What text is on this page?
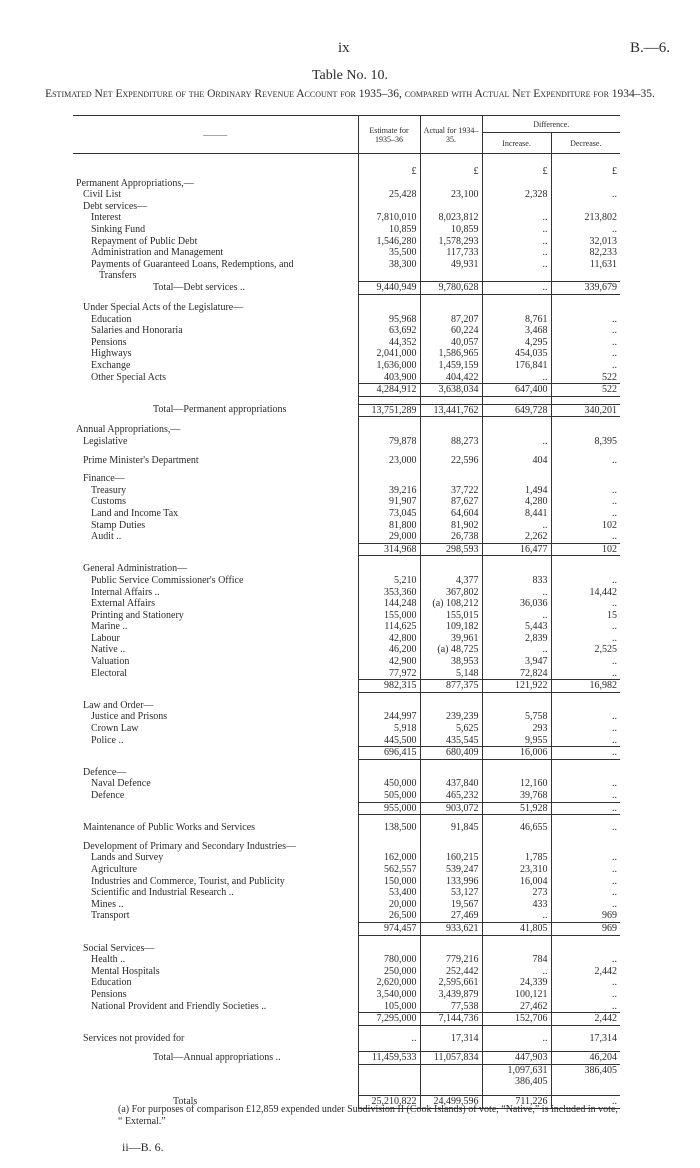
ix	B.—6.
Table No. 10.
Estimated Net Expenditure of the Ordinary Revenue Account for 1935–36, compared with Actual Net Expenditure for 1934–35.
———	Estimate for 1935–36	Actual for 1934–35.	Difference.	
			Increase.	Decrease.

	£	£	£	£
Permanent Appropriations,—				
Civil List	25,428	23,100	2,328	..
Debt services—				
Interest	7,810,010	8,023,812	..	213,802
Sinking Fund	10,859	10,859	..	..
Repayment of Public Debt	1,546,280	1,578,293	..	32,013
Administration and Management	35,500	117,733	..	82,233
Payments of Guaranteed Loans, Redemptions, and	38,300	49,931	..	11,631
Transfers				
Total—Debt services ..	9,440,949	9,780,628	..	339,679

Under Special Acts of the Legislature—				
Education	95,968	87,207	8,761	..
Salaries and Honoraria	63,692	60,224	3,468	..
Pensions	44,352	40,057	4,295	..
Highways	2,041,000	1,586,965	454,035	..
Exchange	1,636,000	1,459,159	176,841	..
Other Special Acts	403,900	404,422	..	522
	4,284,912	3,638,034	647,400	522

Total—Permanent appropriations	13,751,289	13,441,762	649,728	340,201

Annual Appropriations,—				
Legislative	79,878	88,273	..	8,395

Prime Minister's Department	23,000	22,596	404	..

Finance—				
Treasury	39,216	37,722	1,494	..
Customs	91,907	87,627	4,280	..
Land and Income Tax	73,045	64,604	8,441	..
Stamp Duties	81,800	81,902	..	102
Audit ..	29,000	26,738	2,262	..
	314,968	298,593	16,477	102

General Administration—				
Public Service Commissioner's Office	5,210	4,377	833	..
Internal Affairs ..	353,360	367,802	..	14,442
External Affairs	144,248	(a) 108,212	36,036	..
Printing and Stationery	155,000	155,015	..	15
Marine ..	114,625	109,182	5,443	..
Labour	42,800	39,961	2,839	..
Native ..	46,200	(a) 48,725	..	2,525
Valuation	42,900	38,953	3,947	..
Electoral	77,972	5,148	72,824	..
	982,315	877,375	121,922	16,982

Law and Order—				
Justice and Prisons	244,997	239,239	5,758	..
Crown Law	5,918	5,625	293	..
Police ..	445,500	435,545	9,955	..
	696,415	680,409	16,006	..

Defence—				
Naval Defence	450,000	437,840	12,160	..
Defence	505,000	465,232	39,768	..
	955,000	903,072	51,928	..

Maintenance of Public Works and Services	138,500	91,845	46,655	..

Development of Primary and Secondary Industries—				
Lands and Survey	162,000	160,215	1,785	..
Agriculture	562,557	539,247	23,310	..
Industries and Commerce, Tourist, and Publicity	150,000	133,996	16,004	..
Scientific and Industrial Research ..	53,400	53,127	273	..
Mines ..	20,000	19,567	433	..
Transport	26,500	27,469	..	969
	974,457	933,621	41,805	969

Social Services—				
Health ..	780,000	779,216	784	..
Mental Hospitals	250,000	252,442	..	2,442
Education	2,620,000	2,595,661	24,339	..
Pensions	3,540,000	3,439,879	100,121	..
National Provident and Friendly Societies ..	105,000	77,538	27,462	..
	7,295,000	7,144,736	152,706	2,442

Services not provided for	..	17,314	..	17,314

Total—Annual appropriations ..	11,459,533	11,057,834	447,903	46,204
			1,097,631	386,405
			386,405	

Totals	25,210,822	24,499,596	711,226	..
(a) For purposes of comparison £12,859 expended under Subdivision II (Cook Islands) of vote, “Native,” is included in vote, “ External.”
ii—B. 6.
